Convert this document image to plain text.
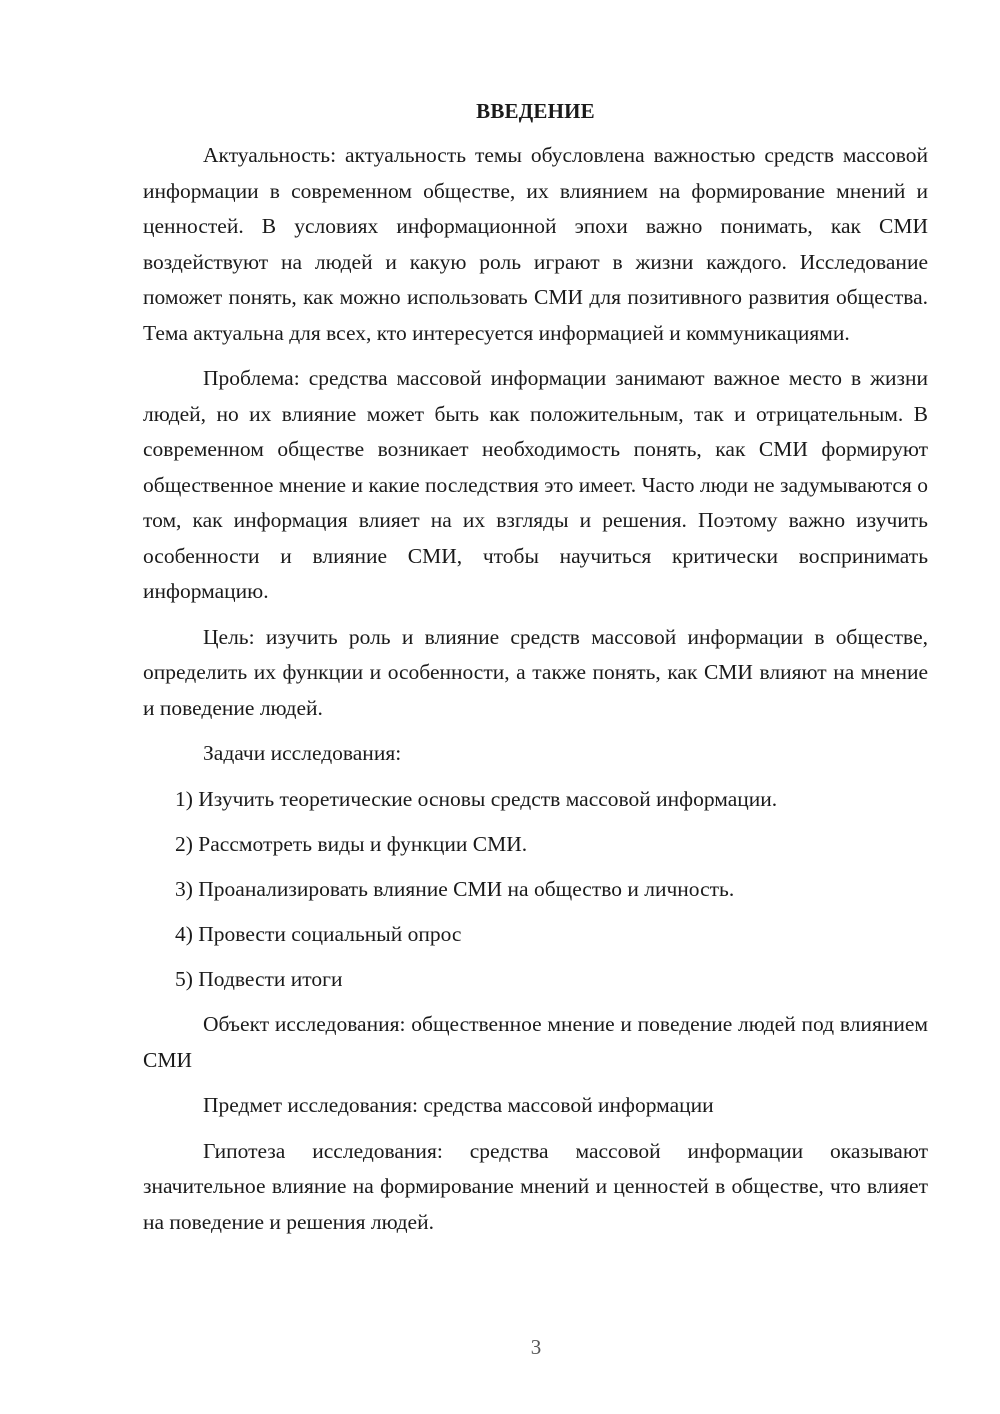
ВВЕДЕНИЕ

Актуальность: актуальность темы обусловлена важностью средств массовой информации в современном обществе, их влиянием на формирование мнений и ценностей. В условиях информационной эпохи важно понимать, как СМИ воздействуют на людей и какую роль играют в жизни каждого. Исследование поможет понять, как можно использовать СМИ для позитивного развития общества. Тема актуальна для всех, кто интересуется информацией и коммуникациями.

Проблема: средства массовой информации занимают важное место в жизни людей, но их влияние может быть как положительным, так и отрицательным. В современном обществе возникает необходимость понять, как СМИ формируют общественное мнение и какие последствия это имеет. Часто люди не задумываются о том, как информация влияет на их взгляды и решения. Поэтому важно изучить особенности и влияние СМИ, чтобы научиться критически воспринимать информацию.

Цель: изучить роль и влияние средств массовой информации в обществе, определить их функции и особенности, а также понять, как СМИ влияют на мнение и поведение людей.

Задачи исследования:

1) Изучить теоретические основы средств массовой информации.
2) Рассмотреть виды и функции СМИ.
3) Проанализировать влияние СМИ на общество и личность.
4) Провести социальный опрос
5) Подвести итоги

Объект исследования: общественное мнение и поведение людей под влиянием СМИ

Предмет исследования: средства массовой информации

Гипотеза исследования: средства массовой информации оказывают значительное влияние на формирование мнений и ценностей в обществе, что влияет на поведение и решения людей.

3
